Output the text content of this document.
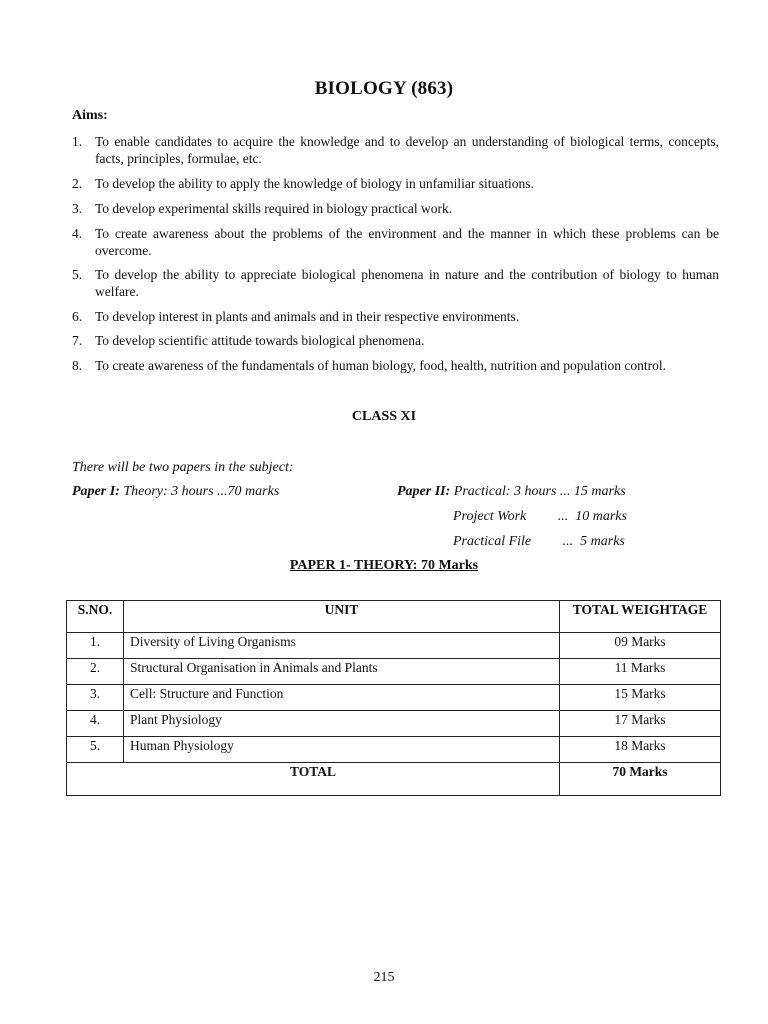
BIOLOGY (863)
Aims:
1. To enable candidates to acquire the knowledge and to develop an understanding of biological terms, concepts, facts, principles, formulae, etc.
2. To develop the ability to apply the knowledge of biology in unfamiliar situations.
3. To develop experimental skills required in biology practical work.
4. To create awareness about the problems of the environment and the manner in which these problems can be overcome.
5. To develop the ability to appreciate biological phenomena in nature and the contribution of biology to human welfare.
6. To develop interest in plants and animals and in their respective environments.
7. To develop scientific attitude towards biological phenomena.
8. To create awareness of the fundamentals of human biology, food, health, nutrition and population control.
CLASS XI
There will be two papers in the subject:
Paper I: Theory: 3 hours ...70 marks	Paper II: Practical: 3 hours ... 15 marks
Project Work         ...  10 marks
Practical File         ...  5 marks
PAPER 1- THEORY: 70 Marks
S.NO.	UNIT	TOTAL WEIGHTAGE
1.	Diversity of Living Organisms	09 Marks
2.	Structural Organisation in Animals and Plants	11 Marks
3.	Cell: Structure and Function	15 Marks
4.	Plant Physiology	17 Marks
5.	Human Physiology	18 Marks
TOTAL		70 Marks
215
